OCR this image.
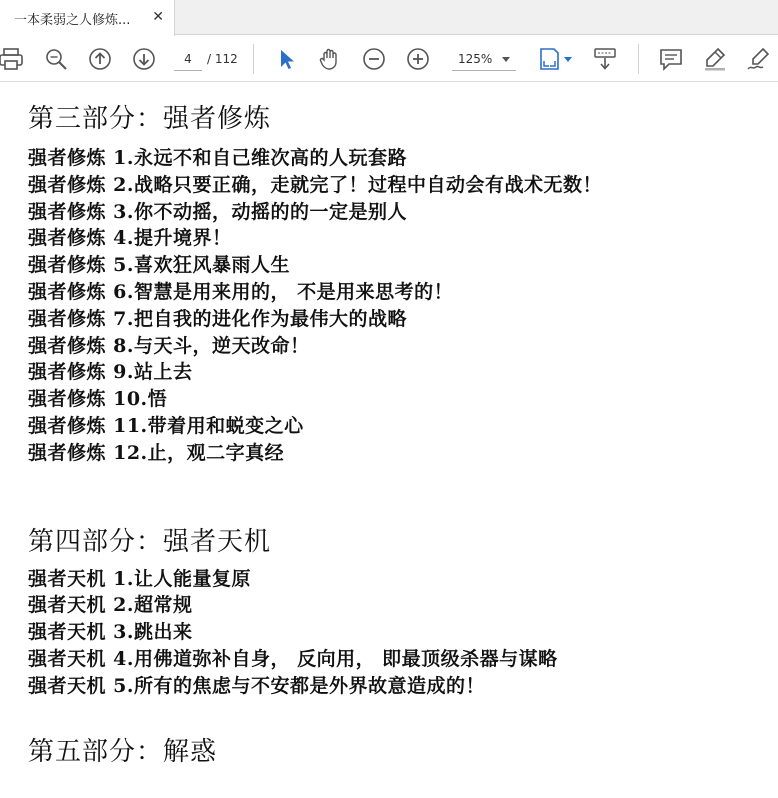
一本柔弱之人修炼...	✕
4	/ 112	125%
第三部分：强者修炼
强者修炼 1.永远不和自己维次高的人玩套路
强者修炼 2.战略只要正确，走就完了！过程中自动会有战术无数！
强者修炼 3.你不动摇，动摇的的一定是别人
强者修炼 4.提升境界！
强者修炼 5.喜欢狂风暴雨人生
强者修炼 6.智慧是用来用的， 不是用来思考的！
强者修炼 7.把自我的进化作为最伟大的战略
强者修炼 8.与天斗，逆天改命！
强者修炼 9.站上去
强者修炼 10.悟
强者修炼 11.带着用和蜕变之心
强者修炼 12.止，观二字真经
第四部分：强者天机
强者天机 1.让人能量复原
强者天机 2.超常规
强者天机 3.跳出来
强者天机 4.用佛道弥补自身， 反向用， 即最顶级杀器与谋略
强者天机 5.所有的焦虑与不安都是外界故意造成的！
第五部分：解惑
